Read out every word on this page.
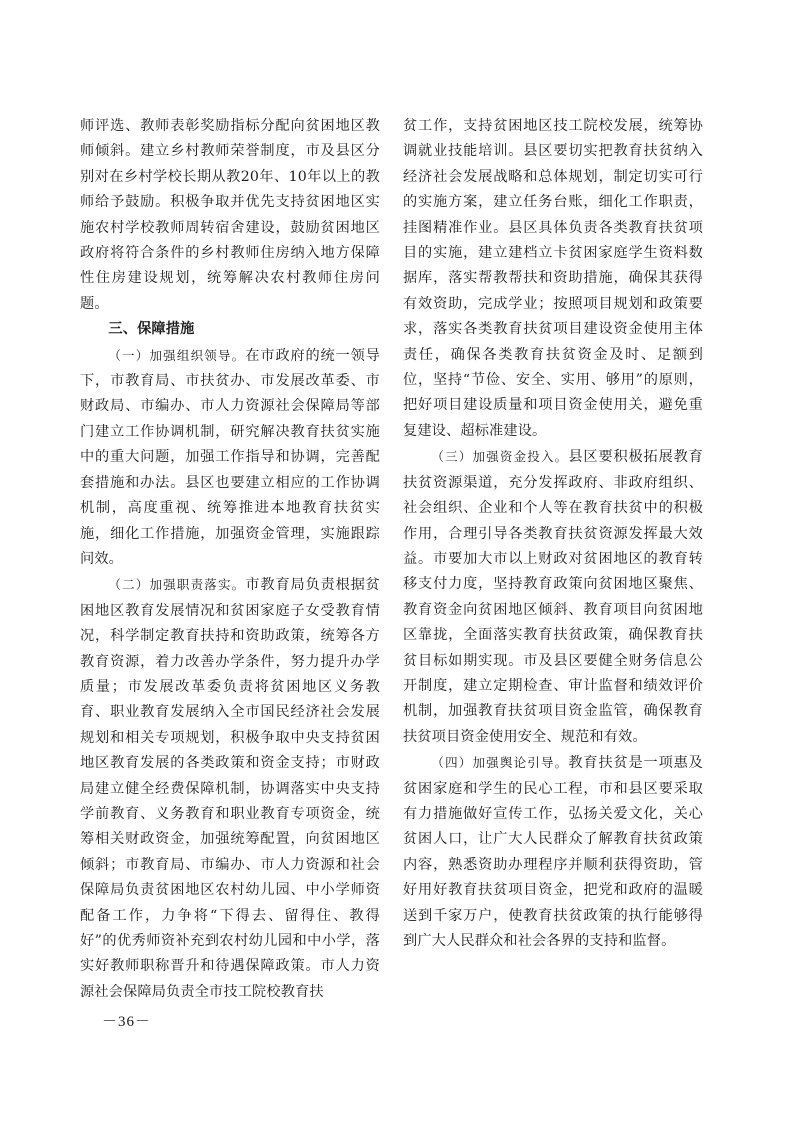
师评选、教师表彰奖励指标分配向贫困地区教师倾斜。建立乡村教师荣誉制度，市及县区分别对在乡村学校长期从教20年、10年以上的教师给予鼓励。积极争取并优先支持贫困地区实施农村学校教师周转宿舍建设，鼓励贫困地区政府将符合条件的乡村教师住房纳入地方保障性住房建设规划，统筹解决农村教师住房问题。

三、保障措施

（一）加强组织领导。在市政府的统一领导下，市教育局、市扶贫办、市发展改革委、市财政局、市编办、市人力资源社会保障局等部门建立工作协调机制，研究解决教育扶贫实施中的重大问题，加强工作指导和协调，完善配套措施和办法。县区也要建立相应的工作协调机制，高度重视、统筹推进本地教育扶贫实施，细化工作措施，加强资金管理，实施跟踪问效。

（二）加强职责落实。市教育局负责根据贫困地区教育发展情况和贫困家庭子女受教育情况，科学制定教育扶持和资助政策，统筹各方教育资源，着力改善办学条件，努力提升办学质量；市发展改革委负责将贫困地区义务教育、职业教育发展纳入全市国民经济社会发展规划和相关专项规划，积极争取中央支持贫困地区教育发展的各类政策和资金支持；市财政局建立健全经费保障机制，协调落实中央支持学前教育、义务教育和职业教育专项资金，统筹相关财政资金，加强统筹配置，向贫困地区倾斜；市教育局、市编办、市人力资源和社会保障局负责贫困地区农村幼儿园、中小学师资配备工作，力争将“下得去、留得住、教得好”的优秀师资补充到农村幼儿园和中小学，落实好教师职称晋升和待遇保障政策。市人力资源社会保障局负责全市技工院校教育扶

贫工作，支持贫困地区技工院校发展，统筹协调就业技能培训。县区要切实把教育扶贫纳入经济社会发展战略和总体规划，制定切实可行的实施方案，建立任务台账，细化工作职责，挂图精准作业。县区具体负责各类教育扶贫项目的实施，建立建档立卡贫困家庭学生资料数据库，落实帮教帮扶和资助措施，确保其获得有效资助，完成学业；按照项目规划和政策要求，落实各类教育扶贫项目建设资金使用主体责任，确保各类教育扶贫资金及时、足额到位，坚持“节俭、安全、实用、够用”的原则，把好项目建设质量和项目资金使用关，避免重复建设、超标准建设。

（三）加强资金投入。县区要积极拓展教育扶贫资源渠道，充分发挥政府、非政府组织、社会组织、企业和个人等在教育扶贫中的积极作用，合理引导各类教育扶贫资源发挥最大效益。市要加大市以上财政对贫困地区的教育转移支付力度，坚持教育政策向贫困地区聚焦、教育资金向贫困地区倾斜、教育项目向贫困地区靠拢，全面落实教育扶贫政策，确保教育扶贫目标如期实现。市及县区要健全财务信息公开制度，建立定期检查、审计监督和绩效评价机制，加强教育扶贫项目资金监管，确保教育扶贫项目资金使用安全、规范和有效。

（四）加强舆论引导。教育扶贫是一项惠及贫困家庭和学生的民心工程，市和县区要采取有力措施做好宣传工作，弘扬关爱文化，关心贫困人口，让广大人民群众了解教育扶贫政策内容，熟悉资助办理程序并顺利获得资助，管好用好教育扶贫项目资金，把党和政府的温暖送到千家万户，使教育扶贫政策的执行能够得到广大人民群众和社会各界的支持和监督。

－36－
